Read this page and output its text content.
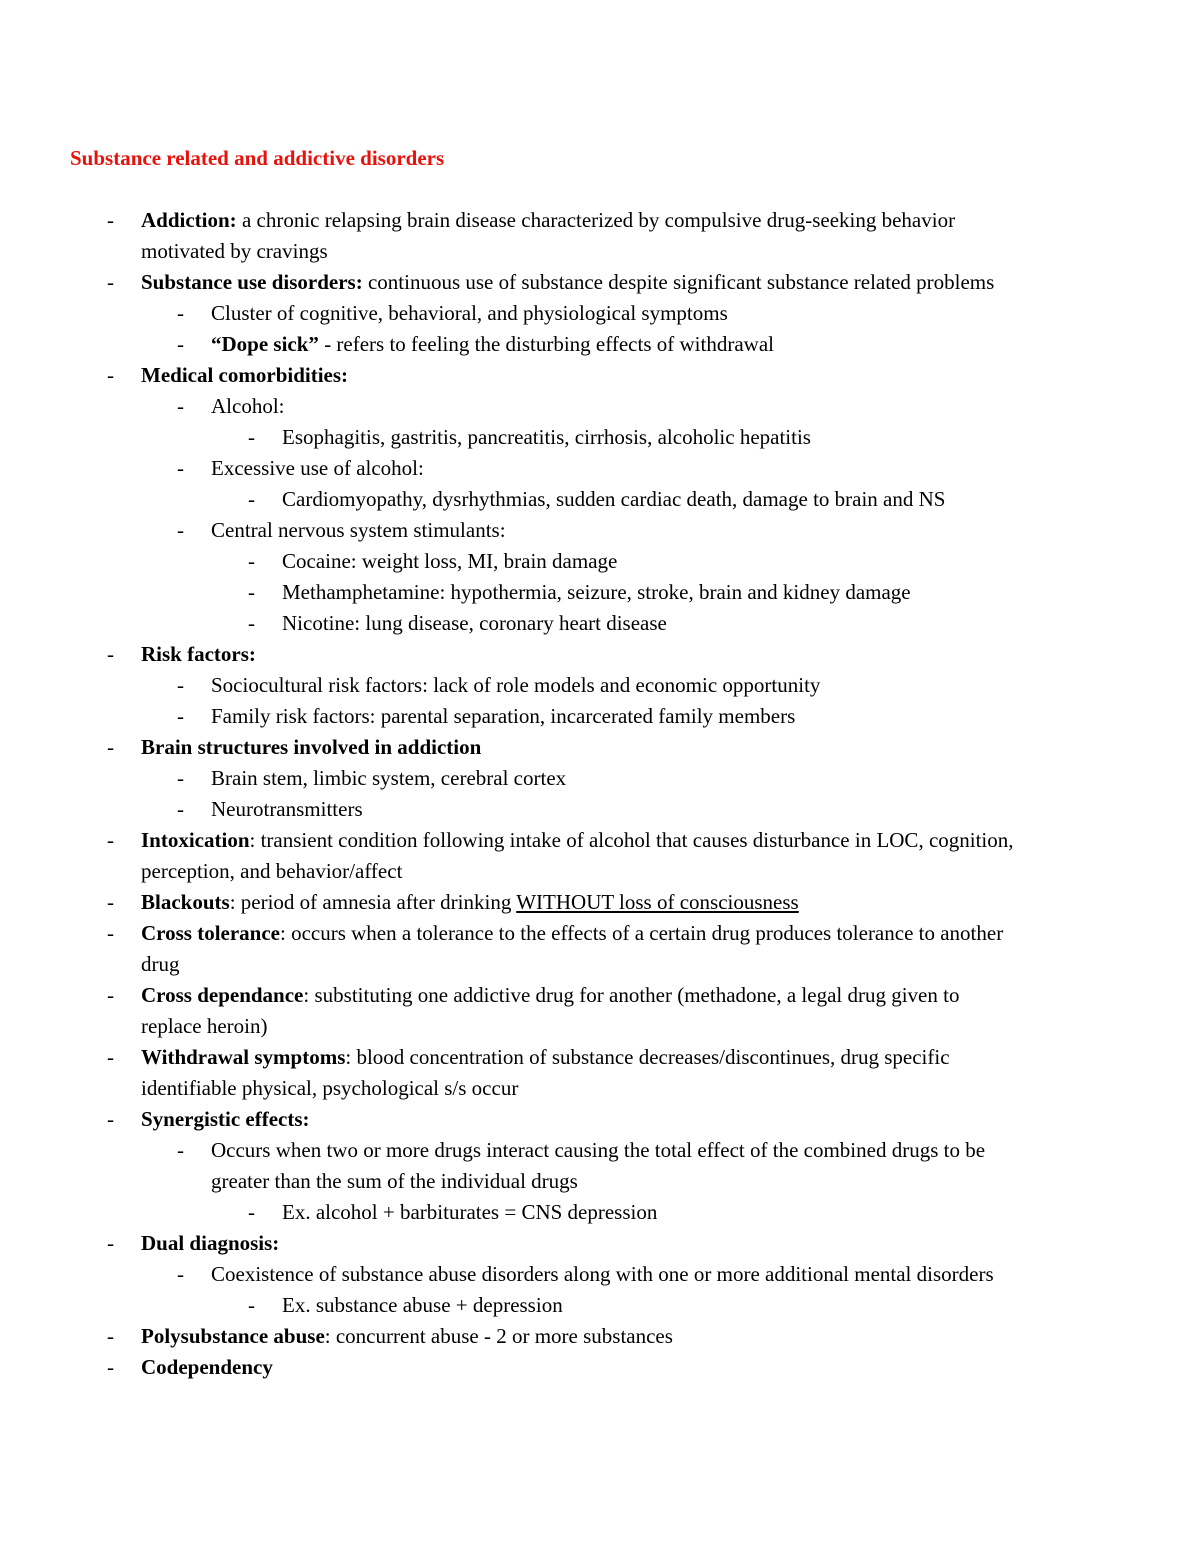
Substance related and addictive disorders
- Addiction: a chronic relapsing brain disease characterized by compulsive drug-seeking behavior
motivated by cravings
- Substance use disorders: continuous use of substance despite significant substance related problems
- Cluster of cognitive, behavioral, and physiological symptoms
- “Dope sick” - refers to feeling the disturbing effects of withdrawal
- Medical comorbidities:
- Alcohol:
- Esophagitis, gastritis, pancreatitis, cirrhosis, alcoholic hepatitis
- Excessive use of alcohol:
- Cardiomyopathy, dysrhythmias, sudden cardiac death, damage to brain and NS
- Central nervous system stimulants:
- Cocaine: weight loss, MI, brain damage
- Methamphetamine: hypothermia, seizure, stroke, brain and kidney damage
- Nicotine: lung disease, coronary heart disease
- Risk factors:
- Sociocultural risk factors: lack of role models and economic opportunity
- Family risk factors: parental separation, incarcerated family members
- Brain structures involved in addiction
- Brain stem, limbic system, cerebral cortex
- Neurotransmitters
- Intoxication: transient condition following intake of alcohol that causes disturbance in LOC, cognition,
perception, and behavior/affect
- Blackouts: period of amnesia after drinking WITHOUT loss of consciousness
- Cross tolerance: occurs when a tolerance to the effects of a certain drug produces tolerance to another
drug
- Cross dependance: substituting one addictive drug for another (methadone, a legal drug given to
replace heroin)
- Withdrawal symptoms: blood concentration of substance decreases/discontinues, drug specific
identifiable physical, psychological s/s occur
- Synergistic effects:
- Occurs when two or more drugs interact causing the total effect of the combined drugs to be
greater than the sum of the individual drugs
- Ex. alcohol + barbiturates = CNS depression
- Dual diagnosis:
- Coexistence of substance abuse disorders along with one or more additional mental disorders
- Ex. substance abuse + depression
- Polysubstance abuse: concurrent abuse - 2 or more substances
- Codependency
